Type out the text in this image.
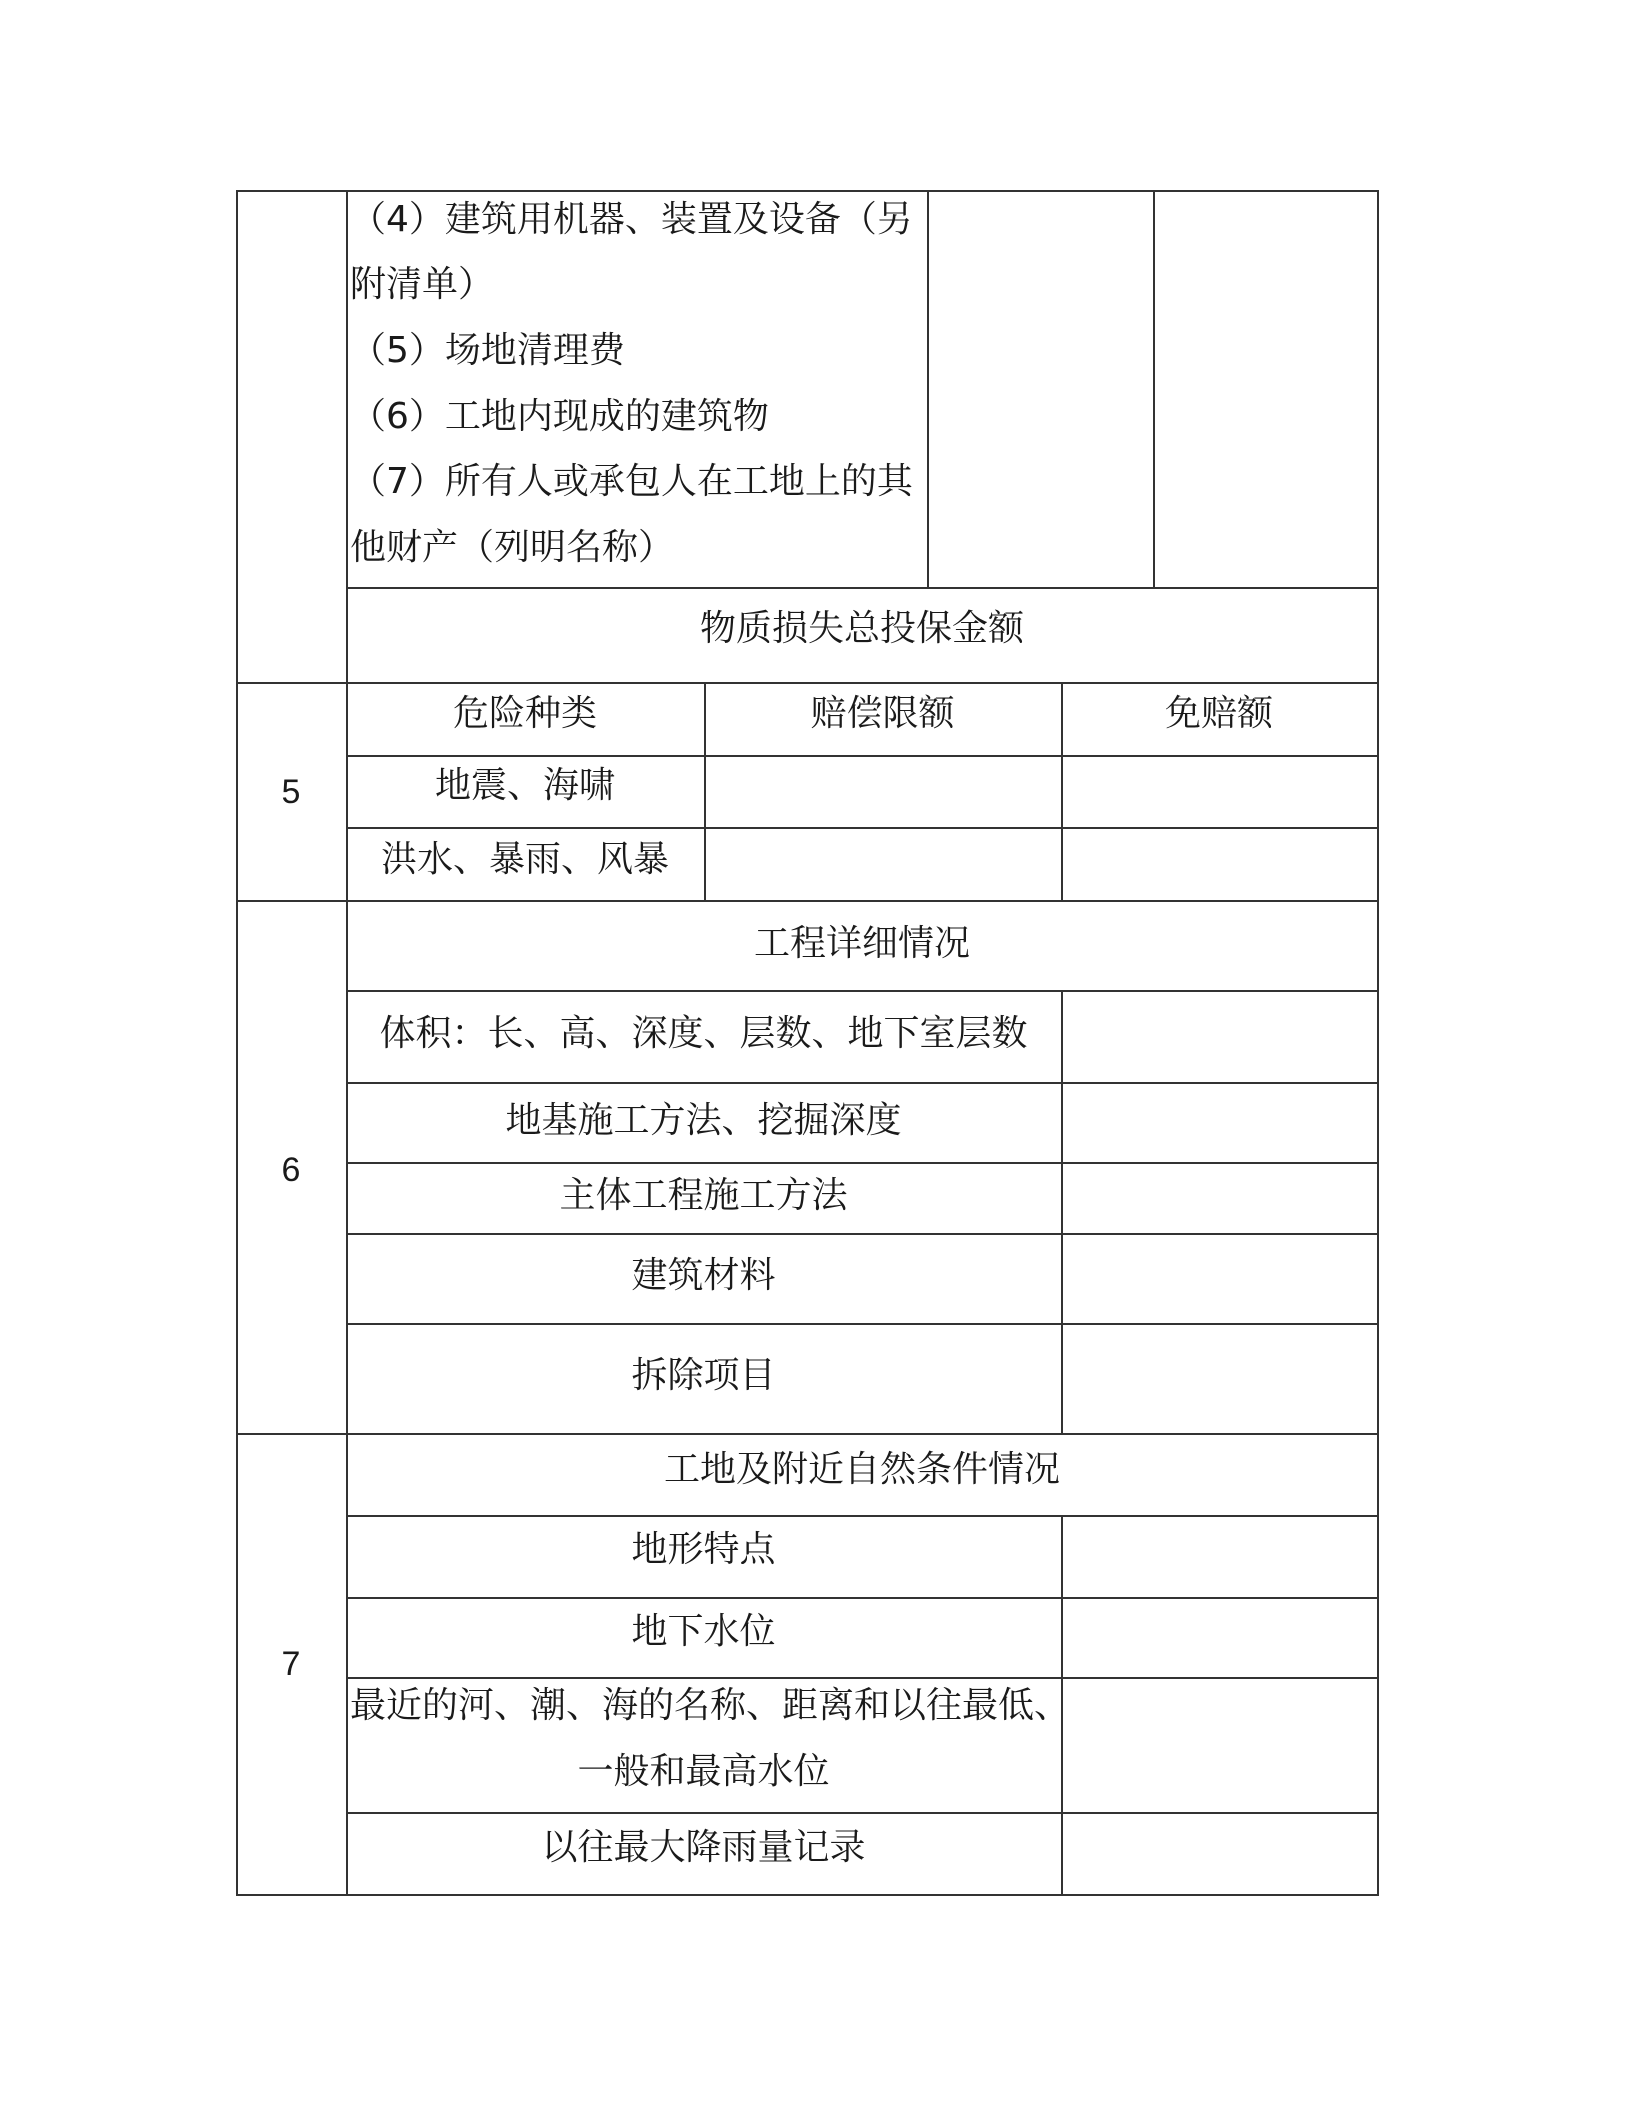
（4）建筑用机器、装置及设备（另
附清单）
（5）场地清理费
（6）工地内现成的建筑物
（7）所有人或承包人在工地上的其
他财产（列明名称）
物质损失总投保金额
5
危险种类	赔偿限额	免赔额
地震、海啸
洪水、暴雨、风暴
6
工程详细情况
体积：长、高、深度、层数、地下室层数
地基施工方法、挖掘深度
主体工程施工方法
建筑材料
拆除项目
7
工地及附近自然条件情况
地形特点
地下水位
最近的河、潮、海的名称、距离和以往最低、
一般和最高水位
以往最大降雨量记录
